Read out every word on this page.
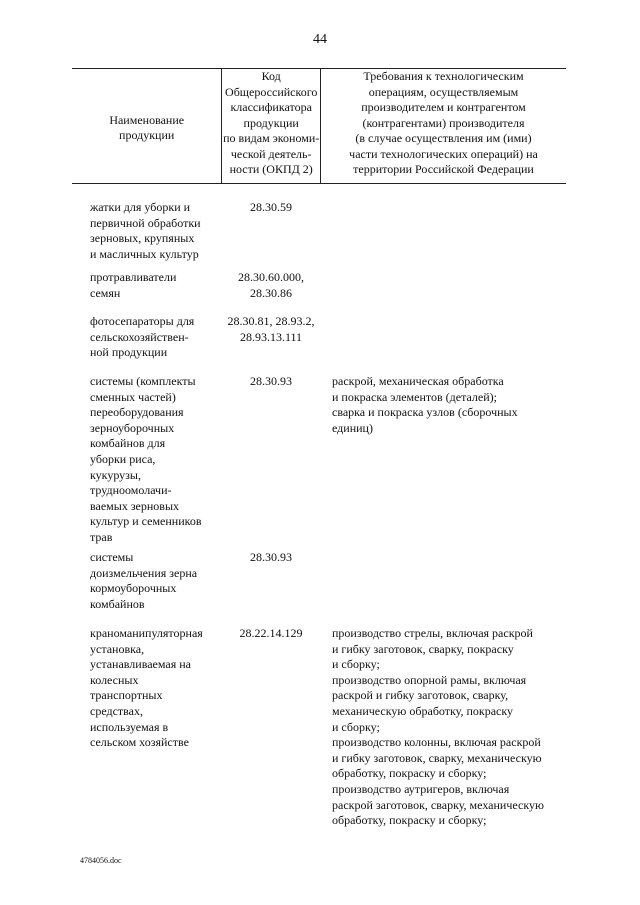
44
Наименование
продукции
Код
Общероссийского
классификатора
продукции
по видам экономи-
ческой деятель-
ности (ОКПД 2)
Требования к технологическим
операциям, осуществляемым
производителем и контрагентом
(контрагентами) производителя
(в случае осуществления им (ими)
части технологических операций) на
территории Российской Федерации
жатки для уборки и
первичной обработки
зерновых, крупяных
и масличных культур
28.30.59
протравливатели
семян
28.30.60.000,
28.30.86
фотосепараторы для
сельскохозяйствен-
ной продукции
28.30.81, 28.93.2,
28.93.13.111
системы (комплекты
сменных частей)
переоборудования
зерноуборочных
комбайнов для
уборки риса,
кукурузы,
трудноомолачи-
ваемых зерновых
культур и семенников
трав
28.30.93	раскрой, механическая обработка
и покраска элементов (деталей);
сварка и покраска узлов (сборочных
единиц)
системы
доизмельчения зерна
кормоуборочных
комбайнов
28.30.93
краноманипуляторная
установка,
устанавливаемая на
колесных
транспортных
средствах,
используемая в
сельском хозяйстве
28.22.14.129	производство стрелы, включая раскрой
и гибку заготовок, сварку, покраску
и сборку;
производство опорной рамы, включая
раскрой и гибку заготовок, сварку,
механическую обработку, покраску
и сборку;
производство колонны, включая раскрой
и гибку заготовок, сварку, механическую
обработку, покраску и сборку;
производство аутригеров, включая
раскрой заготовок, сварку, механическую
обработку, покраску и сборку;
4784056.doc
